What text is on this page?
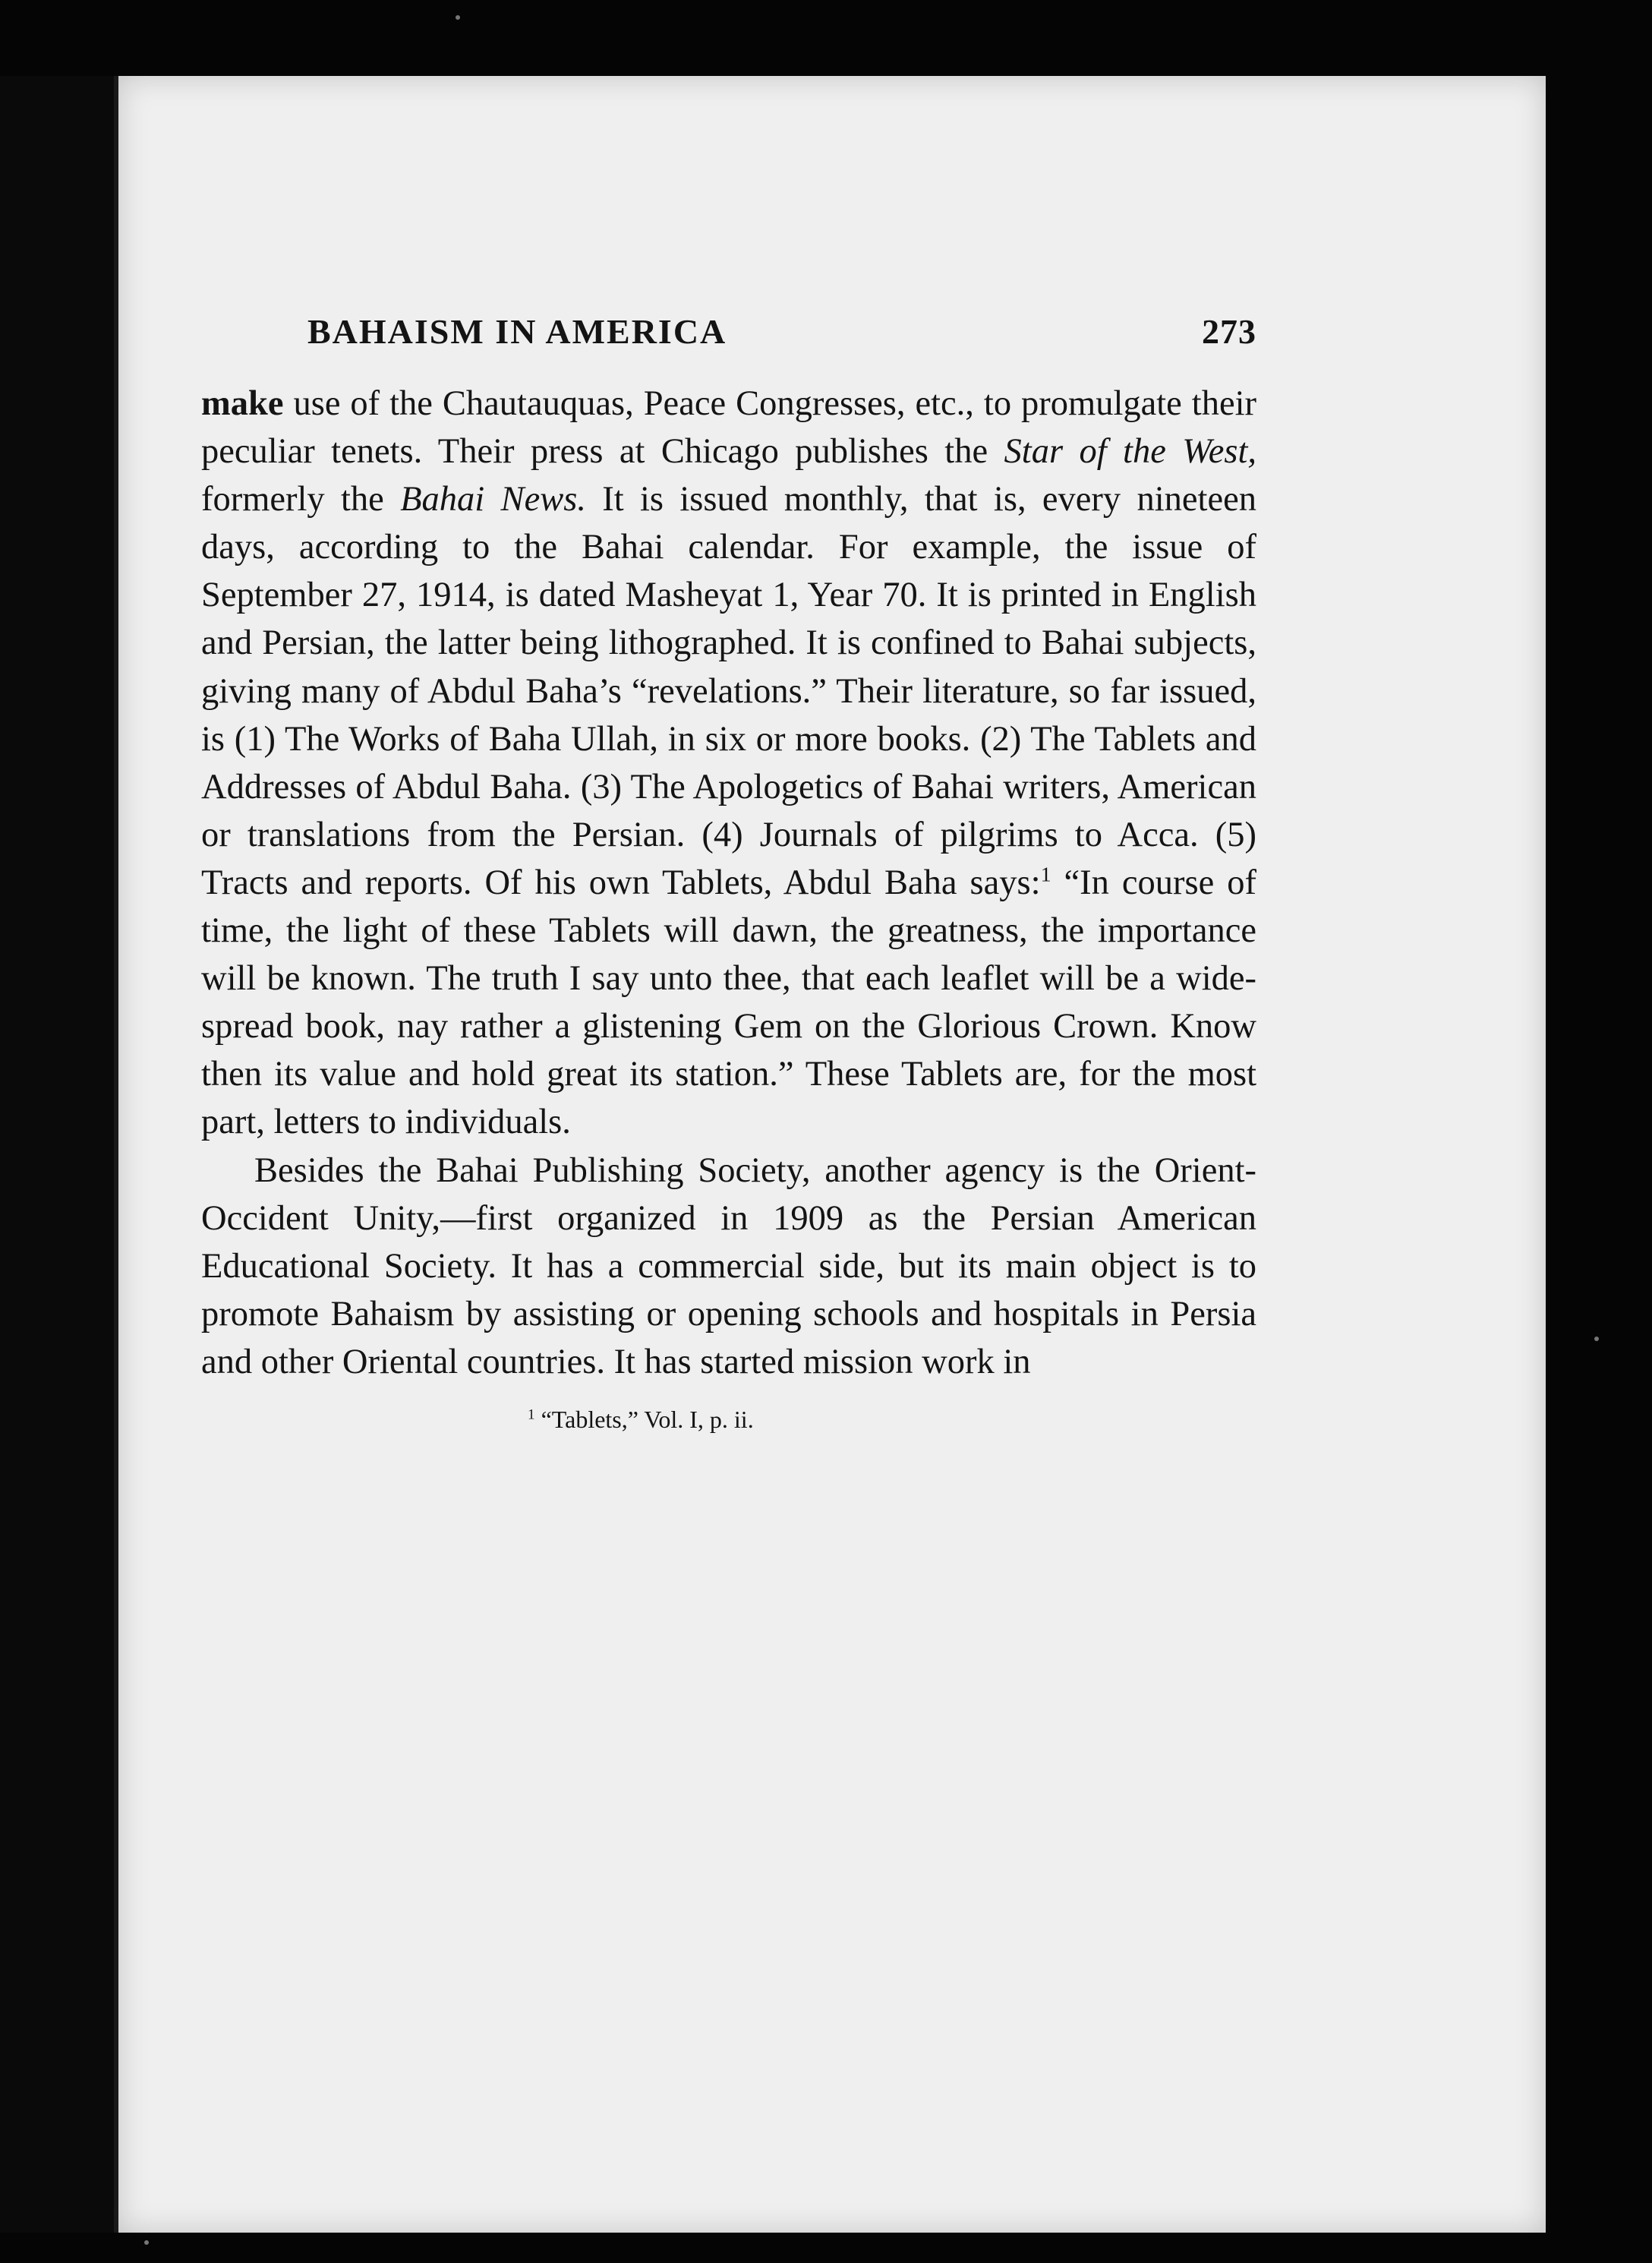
BAHAISM IN AMERICA	273

make use of the Chautauquas, Peace Congresses, etc., to promulgate their peculiar tenets. Their press at Chicago publishes the Star of the West, formerly the Bahai News. It is issued monthly, that is, every nineteen days, according to the Bahai calendar. For example, the issue of September 27, 1914, is dated Masheyat 1, Year 70. It is printed in English and Persian, the latter being lithographed. It is confined to Bahai subjects, giving many of Abdul Baha’s “revelations.” Their literature, so far issued, is (1) The Works of Baha Ullah, in six or more books. (2) The Tablets and Addresses of Abdul Baha. (3) The Apologetics of Bahai writers, American or translations from the Persian. (4) Journals of pilgrims to Acca. (5) Tracts and reports. Of his own Tablets, Abdul Baha says:$^1$ “In course of time, the light of these Tablets will dawn, the greatness, the importance will be known. The truth I say unto thee, that each leaflet will be a wide-spread book, nay rather a glistening Gem on the Glorious Crown. Know then its value and hold great its station.” These Tablets are, for the most part, letters to individuals.

Besides the Bahai Publishing Society, another agency is the Orient-Occident Unity,—first organized in 1909 as the Persian American Educational Society. It has a commercial side, but its main object is to promote Bahaism by assisting or opening schools and hospitals in Persia and other Oriental countries. It has started mission work in

$^1$ “Tablets,” Vol. I, p. ii.
